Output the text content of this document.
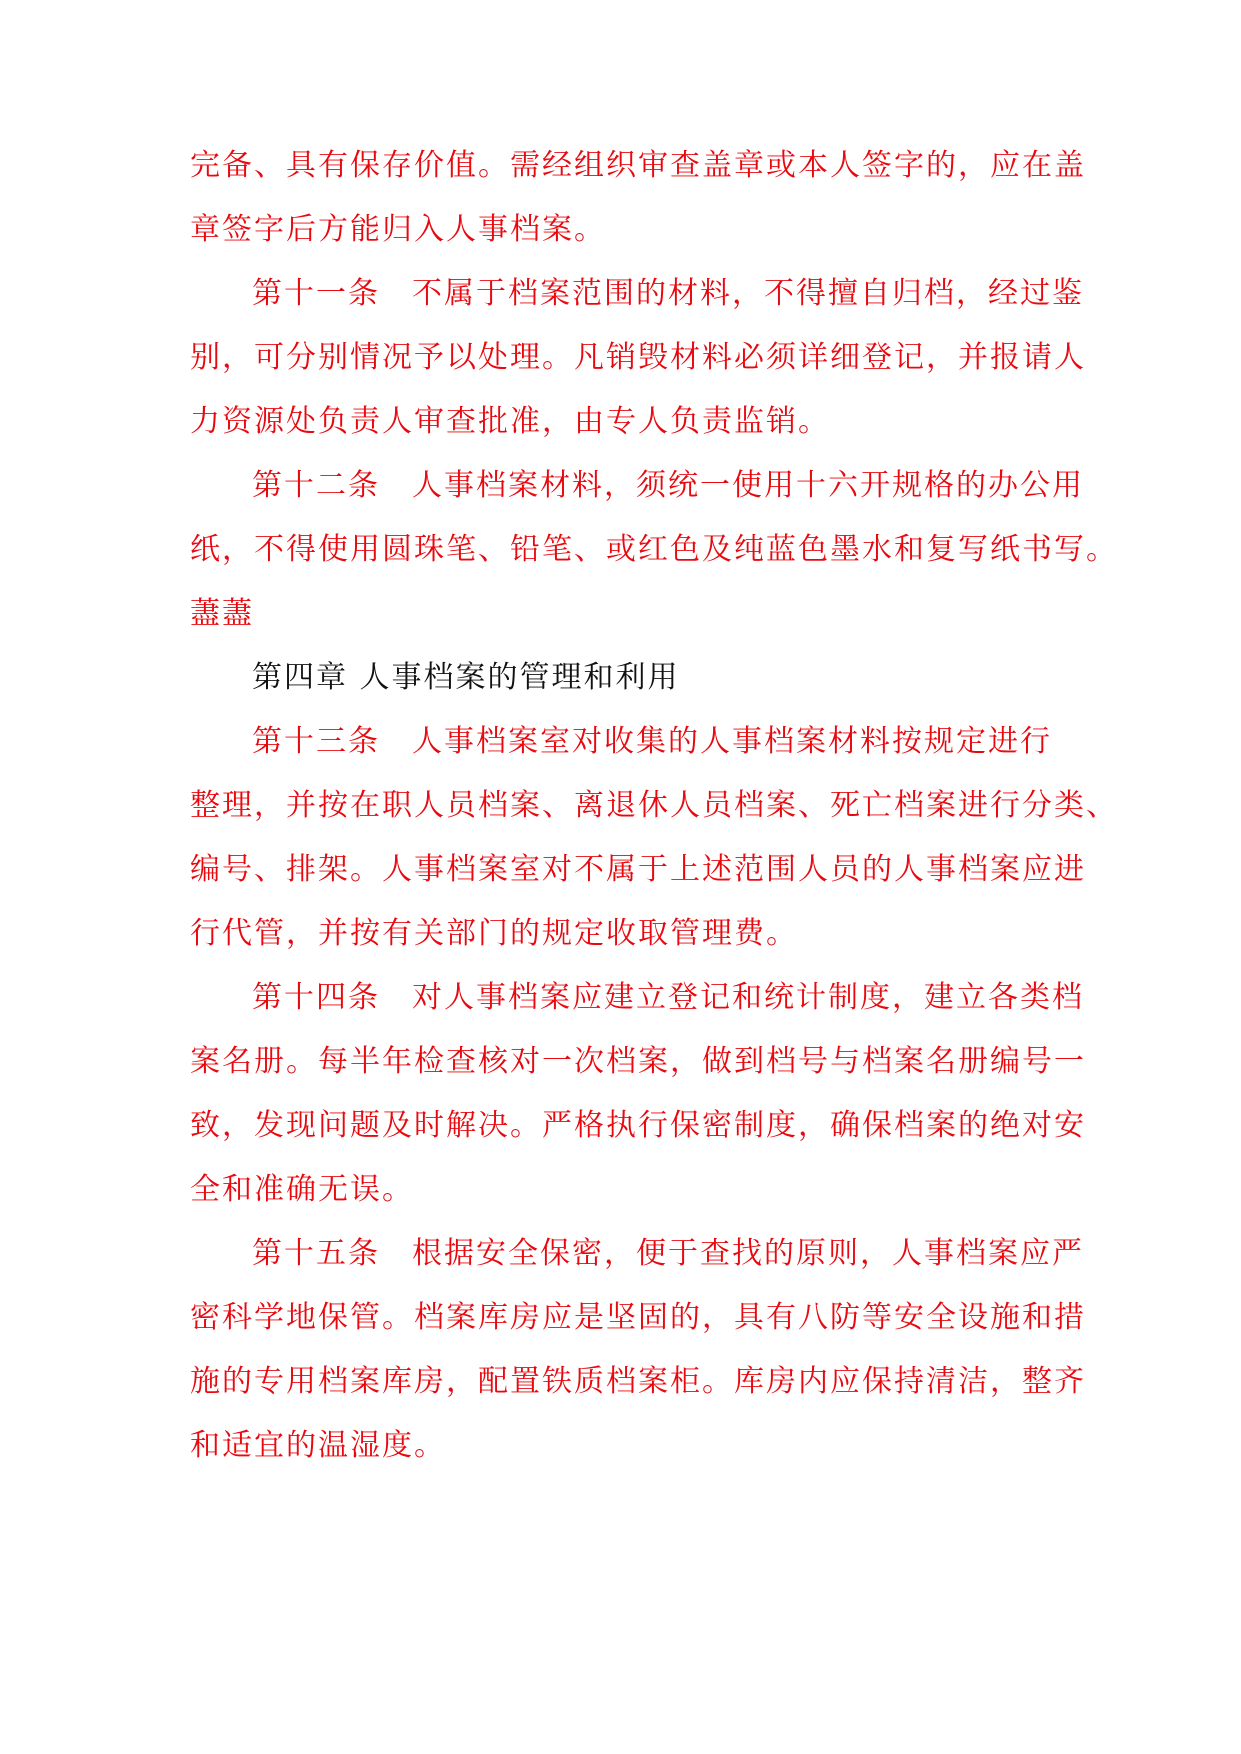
完备、具有保存价值。需经组织审查盖章或本人签字的，应在盖
章签字后方能归入人事档案。
第十一条　不属于档案范围的材料，不得擅自归档，经过鉴
别，可分别情况予以处理。凡销毁材料必须详细登记，并报请人
力资源处负责人审查批准，由专人负责监销。
第十二条　人事档案材料，须统一使用十六开规格的办公用
纸，不得使用圆珠笔、铅笔、或红色及纯蓝色墨水和复写纸书写。
藎藎
第四章 人事档案的管理和利用
第十三条　人事档案室对收集的人事档案材料按规定进行
整理，并按在职人员档案、离退休人员档案、死亡档案进行分类、
编号、排架。人事档案室对不属于上述范围人员的人事档案应进
行代管，并按有关部门的规定收取管理费。
第十四条　对人事档案应建立登记和统计制度，建立各类档
案名册。每半年检查核对一次档案，做到档号与档案名册编号一
致，发现问题及时解决。严格执行保密制度，确保档案的绝对安
全和准确无误。
第十五条　根据安全保密，便于查找的原则，人事档案应严
密科学地保管。档案库房应是坚固的，具有八防等安全设施和措
施的专用档案库房，配置铁质档案柜。库房内应保持清洁，整齐
和适宜的温湿度。
